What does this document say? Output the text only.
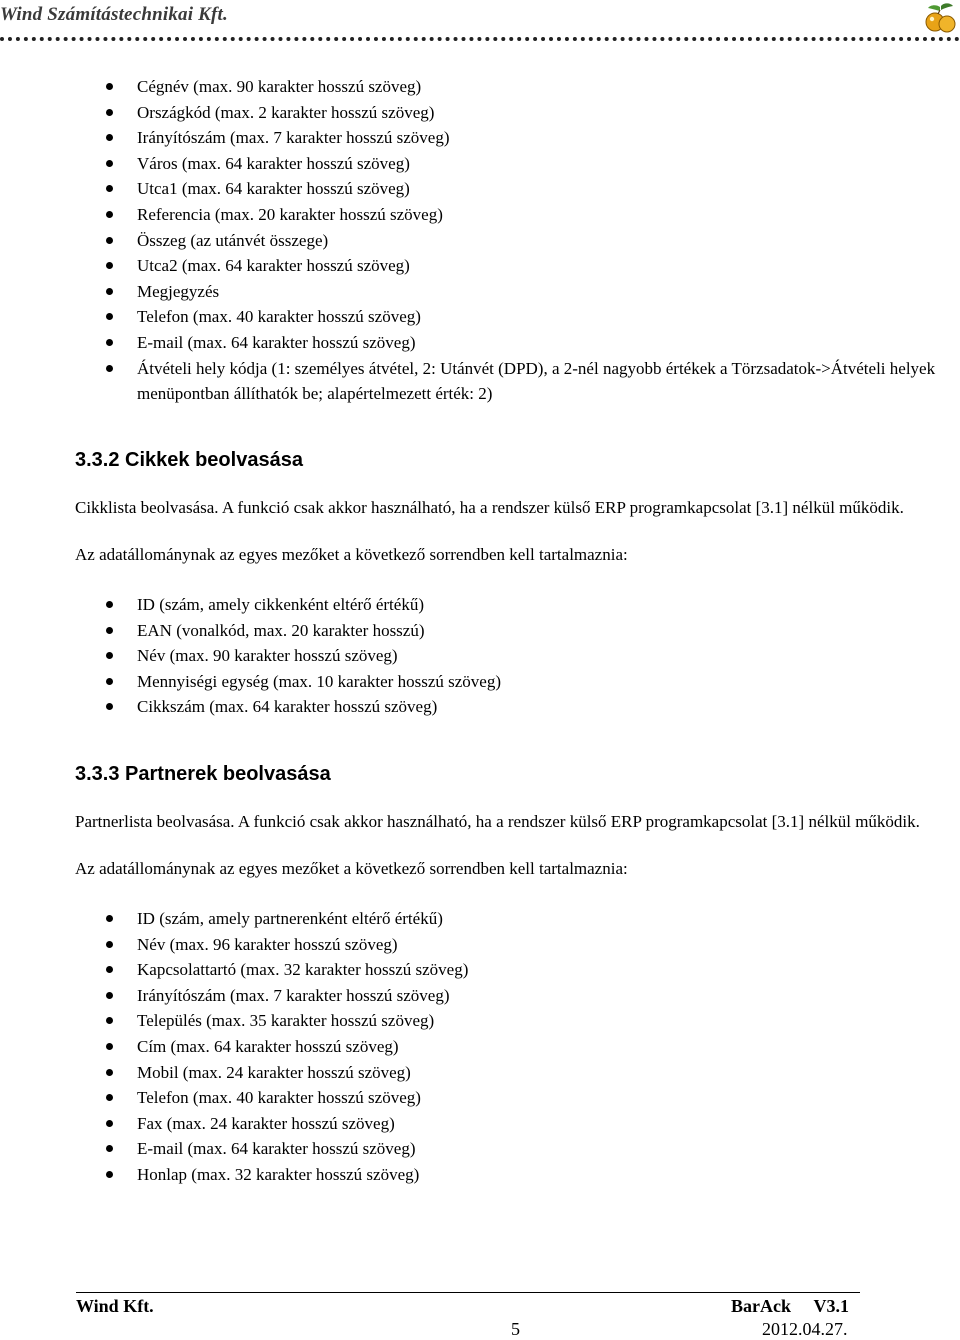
Wind Számítástechnikai Kft.
Cégnév (max. 90 karakter hosszú szöveg)
Országkód (max. 2 karakter hosszú szöveg)
Irányítószám (max. 7 karakter hosszú szöveg)
Város (max. 64 karakter hosszú szöveg)
Utca1 (max. 64 karakter hosszú szöveg)
Referencia (max. 20 karakter hosszú szöveg)
Összeg (az utánvét összege)
Utca2 (max. 64 karakter hosszú szöveg)
Megjegyzés
Telefon (max. 40 karakter hosszú szöveg)
E-mail (max. 64 karakter hosszú szöveg)
Átvételi hely kódja (1: személyes átvétel, 2: Utánvét (DPD), a 2-nél nagyobb értékek a Törzsadatok->Átvételi helyek menüpontban állíthatók be; alapértelmezett érték: 2)
3.3.2 Cikkek beolvasása
Cikklista beolvasása. A funkció csak akkor használható, ha a rendszer külső ERP programkapcsolat [3.1] nélkül működik.
Az adatállománynak az egyes mezőket a következő sorrendben kell tartalmaznia:
ID (szám, amely cikkenként eltérő értékű)
EAN (vonalkód, max. 20 karakter hosszú)
Név (max. 90 karakter hosszú szöveg)
Mennyiségi egység (max. 10 karakter hosszú szöveg)
Cikkszám (max. 64 karakter hosszú szöveg)
3.3.3 Partnerek beolvasása
Partnerlista beolvasása. A funkció csak akkor használható, ha a rendszer külső ERP programkapcsolat [3.1] nélkül működik.
Az adatállománynak az egyes mezőket a következő sorrendben kell tartalmaznia:
ID (szám, amely partnerenként eltérő értékű)
Név (max. 96 karakter hosszú szöveg)
Kapcsolattartó (max. 32 karakter hosszú szöveg)
Irányítószám (max. 7 karakter hosszú szöveg)
Település (max. 35 karakter hosszú szöveg)
Cím (max. 64 karakter hosszú szöveg)
Mobil (max. 24 karakter hosszú szöveg)
Telefon (max. 40 karakter hosszú szöveg)
Fax (max. 24 karakter hosszú szöveg)
E-mail (max. 64 karakter hosszú szöveg)
Honlap (max. 32 karakter hosszú szöveg)
Wind Kft.	BarAck V3.1
5	2012.04.27.
